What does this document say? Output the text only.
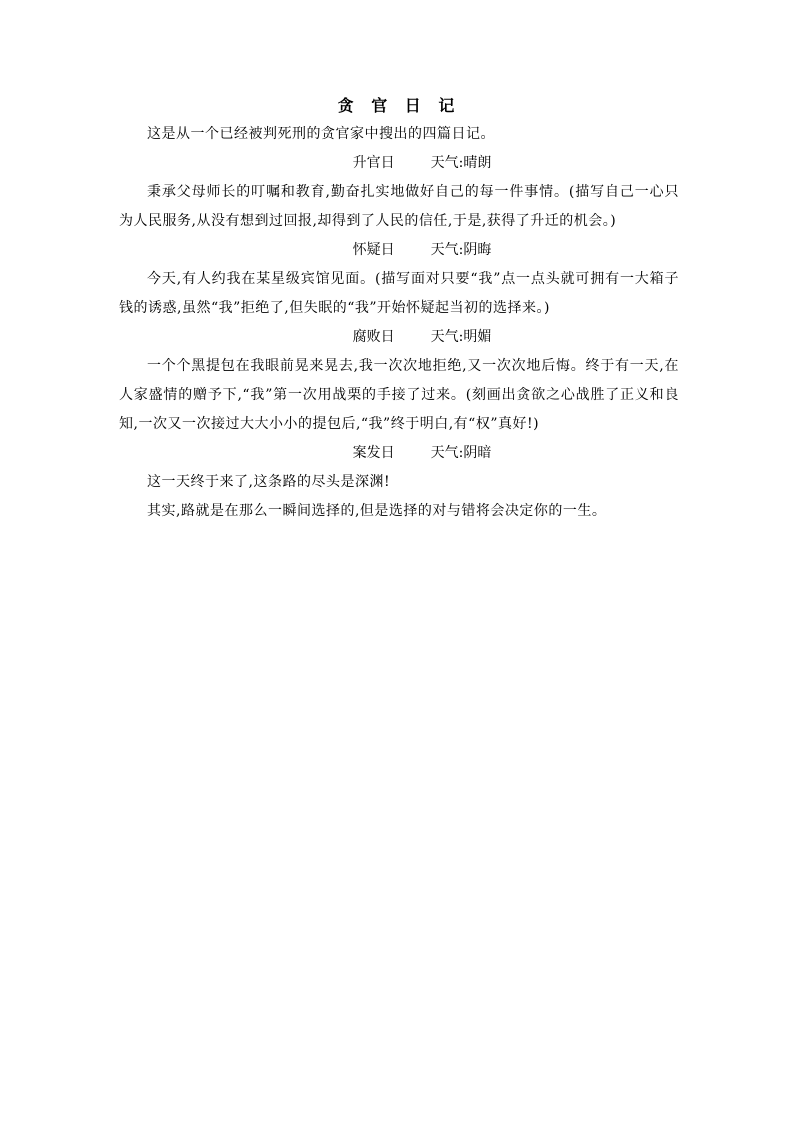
贪 官 日 记

这是从一个已经被判死刑的贪官家中搜出的四篇日记。

升官日	天气:晴朗

秉承父母师长的叮嘱和教育,勤奋扎实地做好自己的每一件事情。(描写自己一心只为人民服务,从没有想到过回报,却得到了人民的信任,于是,获得了升迁的机会。)

怀疑日	天气:阴晦

今天,有人约我在某星级宾馆见面。(描写面对只要“我”点一点头就可拥有一大箱子钱的诱惑,虽然“我”拒绝了,但失眠的“我”开始怀疑起当初的选择来。)

腐败日	天气:明媚

一个个黑提包在我眼前晃来晃去,我一次次地拒绝,又一次次地后悔。终于有一天,在人家盛情的赠予下,“我”第一次用战栗的手接了过来。(刻画出贪欲之心战胜了正义和良知,一次又一次接过大大小小的提包后,“我”终于明白,有“权”真好!)

案发日	天气:阴暗

这一天终于来了,这条路的尽头是深渊!

其实,路就是在那么一瞬间选择的,但是选择的对与错将会决定你的一生。
